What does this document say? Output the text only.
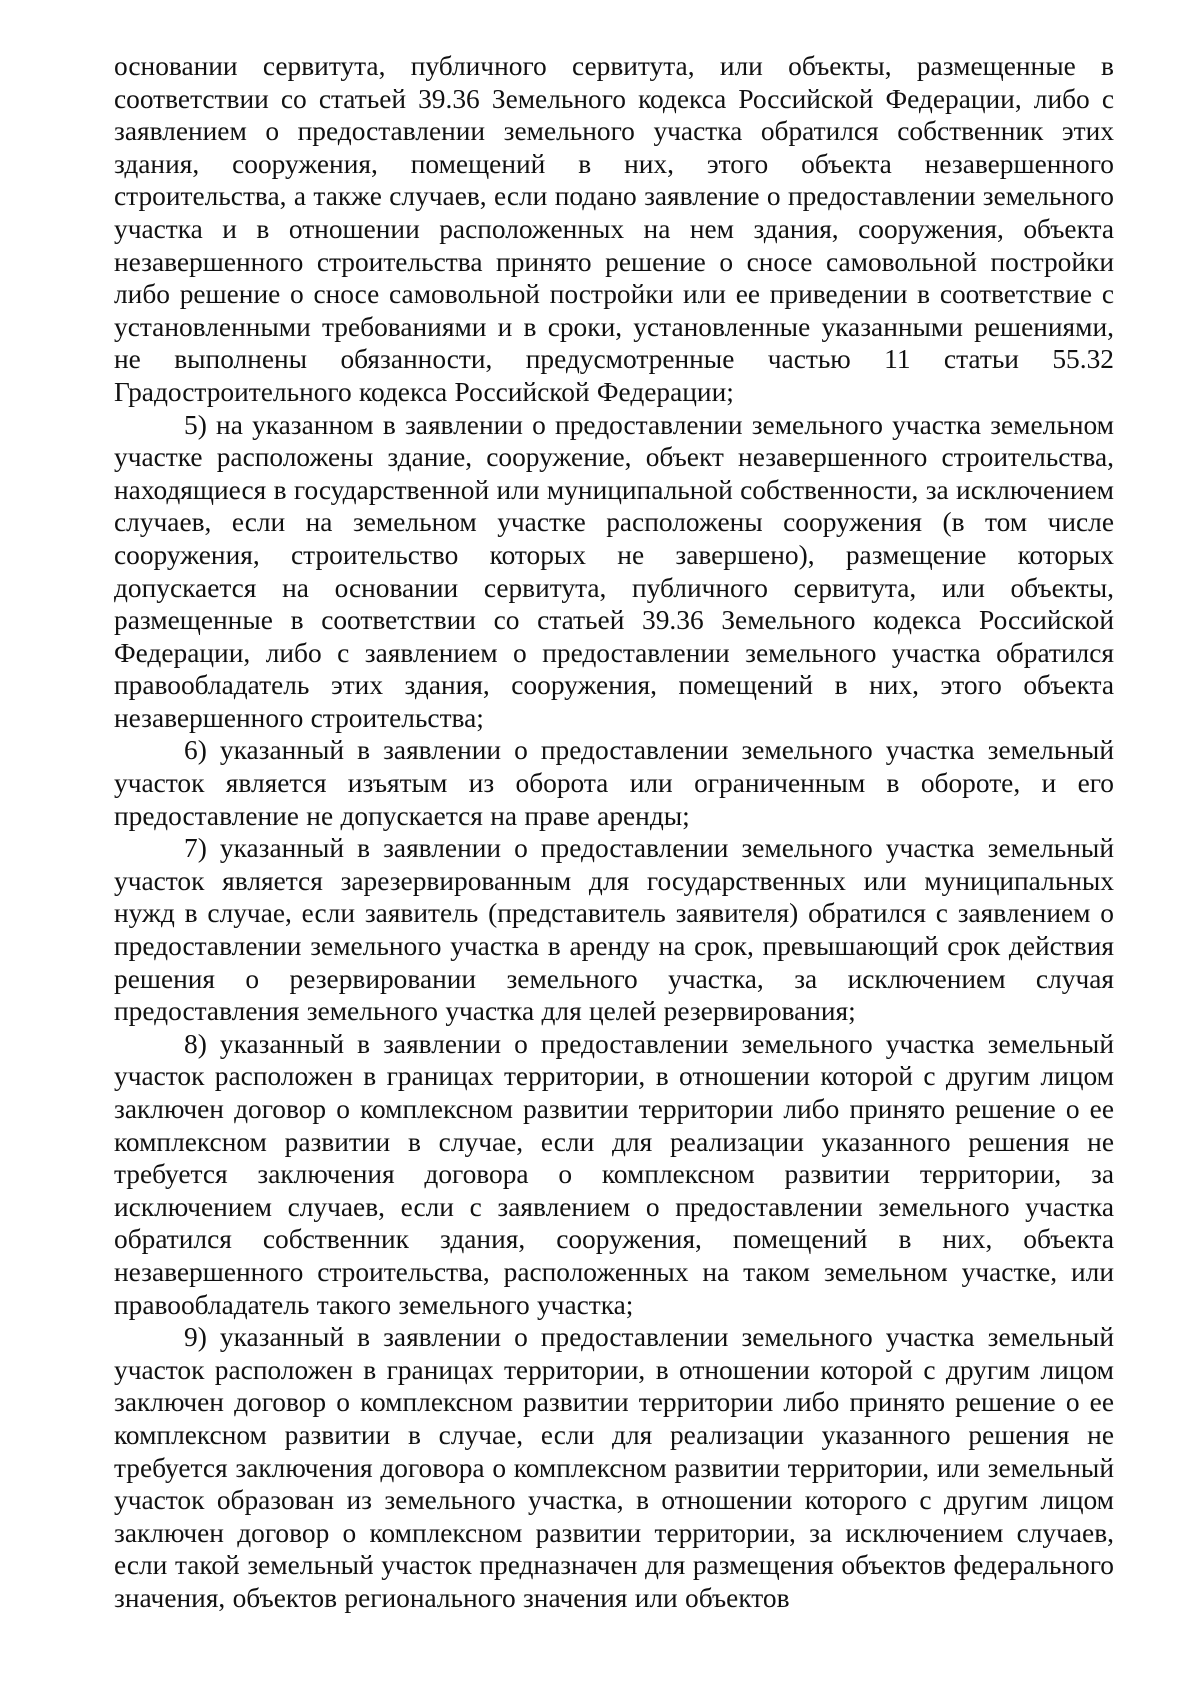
основании сервитута, публичного сервитута, или объекты, размещенные в соответствии со статьей 39.36 Земельного кодекса Российской Федерации, либо с заявлением о предоставлении земельного участка обратился собственник этих здания, сооружения, помещений в них, этого объекта незавершенного строительства, а также случаев, если подано заявление о предоставлении земельного участка и в отношении расположенных на нем здания, сооружения, объекта незавершенного строительства принято решение о сносе самовольной постройки либо решение о сносе самовольной постройки или ее приведении в соответствие с установленными требованиями и в сроки, установленные указанными решениями, не выполнены обязанности, предусмотренные частью 11 статьи 55.32 Градостроительного кодекса Российской Федерации;

5) на указанном в заявлении о предоставлении земельного участка земельном участке расположены здание, сооружение, объект незавершенного строительства, находящиеся в государственной или муниципальной собственности, за исключением случаев, если на земельном участке расположены сооружения (в том числе сооружения, строительство которых не завершено), размещение которых допускается на основании сервитута, публичного сервитута, или объекты, размещенные в соответствии со статьей 39.36 Земельного кодекса Российской Федерации, либо с заявлением о предоставлении земельного участка обратился правообладатель этих здания, сооружения, помещений в них, этого объекта незавершенного строительства;

6) указанный в заявлении о предоставлении земельного участка земельный участок является изъятым из оборота или ограниченным в обороте, и его предоставление не допускается на праве аренды;

7) указанный в заявлении о предоставлении земельного участка земельный участок является зарезервированным для государственных или муниципальных нужд в случае, если заявитель (представитель заявителя) обратился с заявлением о предоставлении земельного участка в аренду на срок, превышающий срок действия решения о резервировании земельного участка, за исключением случая предоставления земельного участка для целей резервирования;

8) указанный в заявлении о предоставлении земельного участка земельный участок расположен в границах территории, в отношении которой с другим лицом заключен договор о комплексном развитии территории либо принято решение о ее комплексном развитии в случае, если для реализации указанного решения не требуется заключения договора о комплексном развитии территории, за исключением случаев, если с заявлением о предоставлении земельного участка обратился собственник здания, сооружения, помещений в них, объекта незавершенного строительства, расположенных на таком земельном участке, или правообладатель такого земельного участка;

9) указанный в заявлении о предоставлении земельного участка земельный участок расположен в границах территории, в отношении которой с другим лицом заключен договор о комплексном развитии территории либо принято решение о ее комплексном развитии в случае, если для реализации указанного решения не требуется заключения договора о комплексном развитии территории, или земельный участок образован из земельного участка, в отношении которого с другим лицом заключен договор о комплексном развитии территории, за исключением случаев, если такой земельный участок предназначен для размещения объектов федерального значения, объектов регионального значения или объектов
